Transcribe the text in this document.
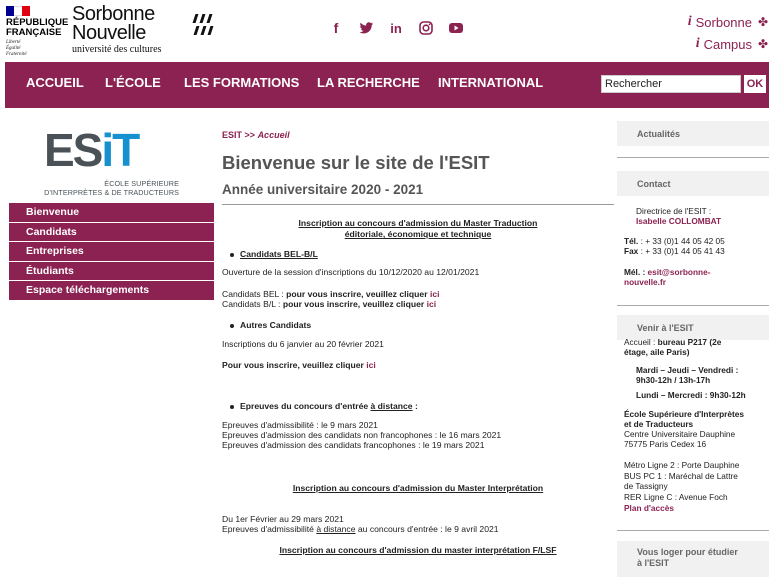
RÉPUBLIQUE
FRANÇAISE
Liberté
Égalité
Fraternité
Sorbonne
Nouvelle
université des cultures
f	in	i Sorbonne ✤
i Campus ✤
ACCUEIL L'ÉCOLE LES FORMATIONS LA RECHERCHE INTERNATIONAL
Rechercher	OK
ESiT
ÉCOLE SUPÉRIEURE
D'INTERPRÈTES & DE TRADUCTEURS
Bienvenue
Candidats
Entreprises
Étudiants
Espace téléchargements
ESIT >> Accueil
Bienvenue sur le site de l'ESIT
Année universitaire 2020 - 2021
Inscription au concours d'admission du Master Traduction
éditoriale, économique et technique
Candidats BEL-B/L
Ouverture de la session d'inscriptions du 10/12/2020 au 12/01/2021
Candidats BEL : pour vous inscrire, veuillez cliquer ici
Candidats B/L : pour vous inscrire, veuillez cliquer ici
Autres Candidats
Inscriptions du 6 janvier au 20 février 2021
Pour vous inscrire, veuillez cliquer ici
Epreuves du concours d'entrée à distance :
Epreuves d'admissibilité : le 9 mars 2021
Epreuves d'admission des candidats non francophones : le 16 mars 2021
Epreuves d'admission des candidats francophones : le 19 mars 2021
Inscription au concours d'admission du Master Interprétation
Du 1er Février au 29 mars 2021
Epreuves d'admissibilité à distance au concours d'entrée : le 9 avril 2021
Inscription au concours d'admission du master interprétation F/LSF
Actualités
Contact
Directrice de l'ESIT :
Isabelle COLLOMBAT
Tél. : + 33 (0)1 44 05 42 05
Fax : + 33 (0)1 44 05 41 43
Mél. : esit@sorbonne-
nouvelle.fr
Venir à l'ESIT
Accueil : bureau P217 (2e
étage, aile Paris)
Mardi – Jeudi – Vendredi :
9h30-12h / 13h-17h
Lundi – Mercredi : 9h30-12h
École Supérieure d'Interprètes
et de Traducteurs
Centre Universitaire Dauphine
75775 Paris Cedex 16
Métro Ligne 2 : Porte Dauphine
BUS PC 1 : Maréchal de Lattre
de Tassigny
RER Ligne C : Avenue Foch
Plan d'accès
Vous loger pour étudier
à l'ESIT
